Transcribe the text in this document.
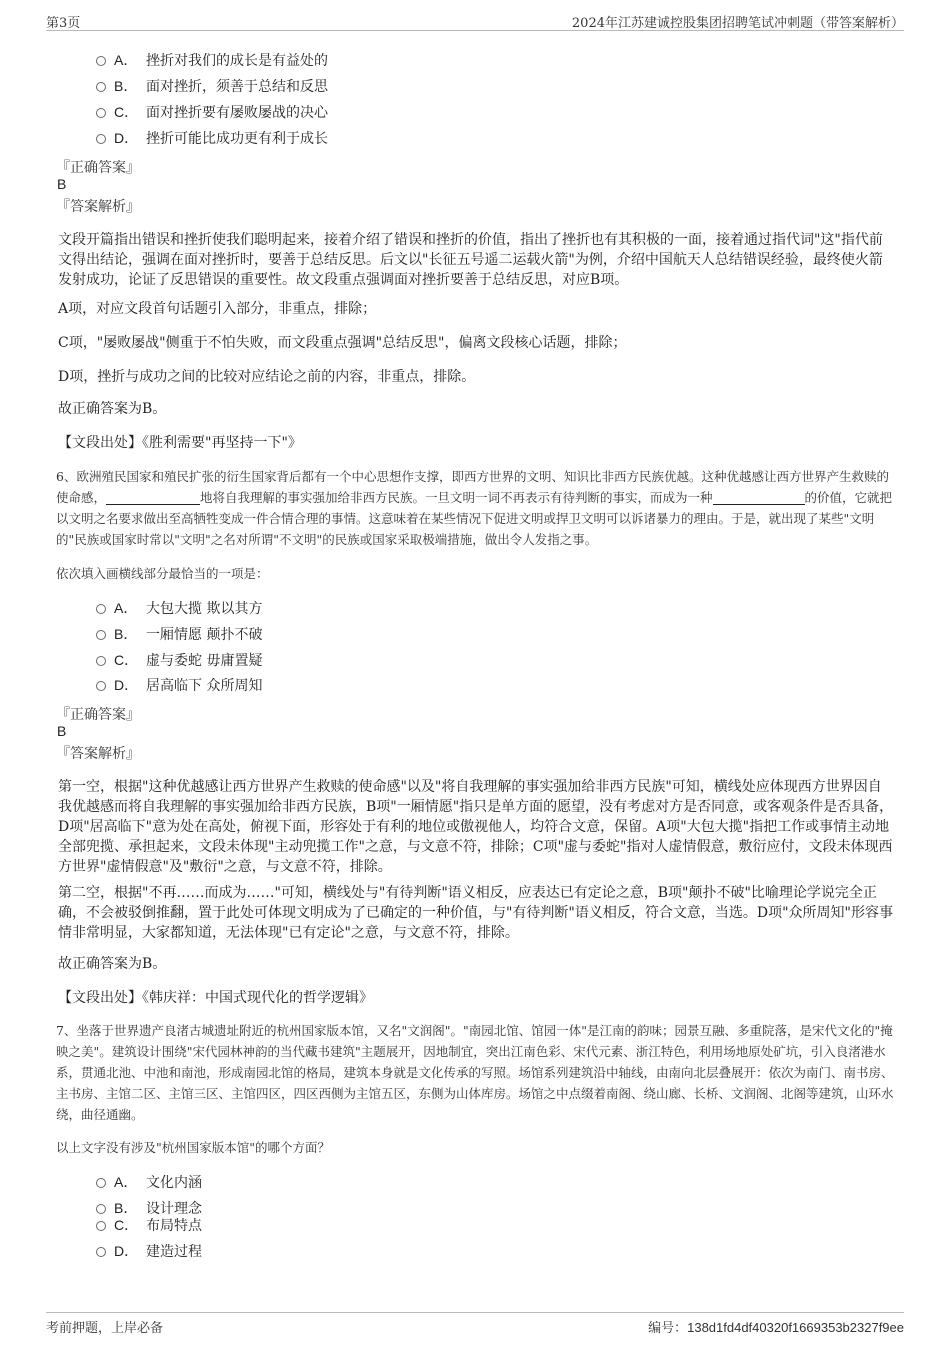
第3页	2024年江苏建诚控股集团招聘笔试冲刺题（带答案解析）
A． 挫折对我们的成长是有益处的
B． 面对挫折，须善于总结和反思
C． 面对挫折要有屡败屡战的决心
D． 挫折可能比成功更有利于成长
『正确答案』
B
『答案解析』
文段开篇指出错误和挫折使我们聪明起来，接着介绍了错误和挫折的价值，指出了挫折也有其积极的一面，接着通过指代词"这"指代前文得出结论，强调在面对挫折时，要善于总结反思。后文以"长征五号遥二运载火箭"为例，介绍中国航天人总结错误经验，最终使火箭发射成功，论证了反思错误的重要性。故文段重点强调面对挫折要善于总结反思，对应B项。
A项，对应文段首句话题引入部分，非重点，排除；
C项，"屡败屡战"侧重于不怕失败，而文段重点强调"总结反思"，偏离文段核心话题，排除；
D项，挫折与成功之间的比较对应结论之前的内容，非重点，排除。
故正确答案为B。
【文段出处】《胜利需要"再坚持一下"》
6、欧洲殖民国家和殖民扩张的衍生国家背后都有一个中心思想作支撑，即西方世界的文明、知识比非西方民族优越。这种优越感让西方世界产生救赎的使命感，	地将自我理解的事实强加给非西方民族。一旦文明一词不再表示有待判断的事实，而成为一种	的价值，它就把以文明之名要求做出至高牺牲变成一件合情合理的事情。这意味着在某些情况下促进文明或捍卫文明可以诉诸暴力的理由。于是，就出现了某些"文明的"民族或国家时常以"文明"之名对所谓"不文明"的民族或国家采取极端措施，做出令人发指之事。
依次填入画横线部分最恰当的一项是：
A． 大包大揽 欺以其方
B． 一厢情愿 颠扑不破
C． 虚与委蛇 毋庸置疑
D． 居高临下 众所周知
『正确答案』
B
『答案解析』
第一空，根据"这种优越感让西方世界产生救赎的使命感"以及"将自我理解的事实强加给非西方民族"可知，横线处应体现西方世界因自我优越感而将自我理解的事实强加给非西方民族，B项"一厢情愿"指只是单方面的愿望，没有考虑对方是否同意，或客观条件是否具备，D项"居高临下"意为处在高处，俯视下面，形容处于有利的地位或傲视他人，均符合文意，保留。A项"大包大揽"指把工作或事情主动地全部兜揽、承担起来，文段未体现"主动兜揽工作"之意，与文意不符，排除；C项"虚与委蛇"指对人虚情假意，敷衍应付，文段未体现西方世界"虚情假意"及"敷衍"之意，与文意不符，排除。
第二空，根据"不再……而成为……"可知，横线处与"有待判断"语义相反，应表达已有定论之意，B项"颠扑不破"比喻理论学说完全正确，不会被驳倒推翻，置于此处可体现文明成为了已确定的一种价值，与"有待判断"语义相反，符合文意，当选。D项"众所周知"形容事情非常明显，大家都知道，无法体现"已有定论"之意，与文意不符，排除。
故正确答案为B。
【文段出处】《韩庆祥：中国式现代化的哲学逻辑》
7、坐落于世界遗产良渚古城遗址附近的杭州国家版本馆，又名"文润阁"。"南园北馆、馆园一体"是江南的韵味；园景互融、多重院落，是宋代文化的"掩映之美"。建筑设计围绕"宋代园林神韵的当代藏书建筑"主题展开，因地制宜，突出江南色彩、宋代元素、浙江特色，利用场地原处矿坑，引入良渚港水系，贯通北池、中池和南池，形成南园北馆的格局，建筑本身就是文化传承的写照。场馆系列建筑沿中轴线，由南向北层叠展开：依次为南门、南书房、主书房、主馆二区、主馆三区、主馆四区，四区西侧为主馆五区，东侧为山体库房。场馆之中点缀着南阁、绕山廊、长桥、文润阁、北阁等建筑，山环水绕，曲径通幽。
以上文字没有涉及"杭州国家版本馆"的哪个方面？
A． 文化内涵
B． 设计理念
C． 布局特点
D． 建造过程
考前押题，上岸必备	编号：138d1fd4df40320f1669353b2327f9ee
